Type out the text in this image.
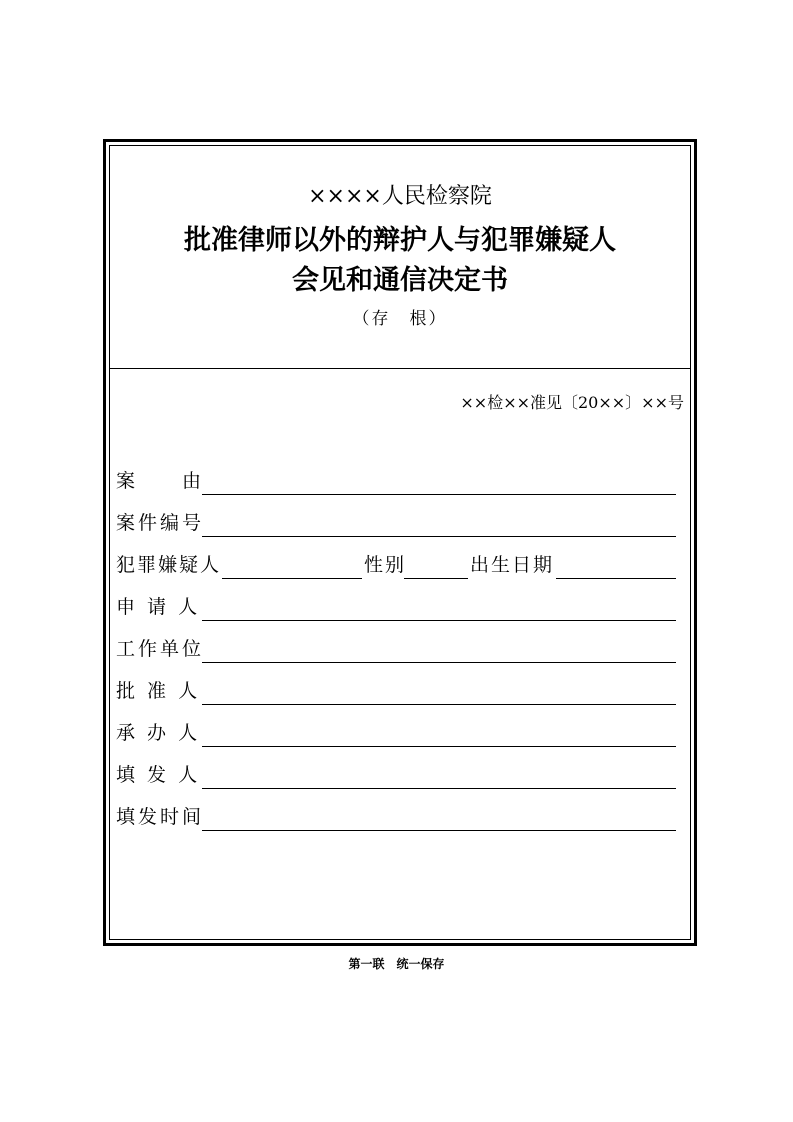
××××人民检察院
批准律师以外的辩护人与犯罪嫌疑人
会见和通信决定书
（存　根）
××检××准见〔20××〕××号
案　　由
案件编号
犯罪嫌疑人	性别	出生日期
申 请 人
工作单位
批 准 人
承 办 人
填 发 人
填发时间
第一联　统一保存
